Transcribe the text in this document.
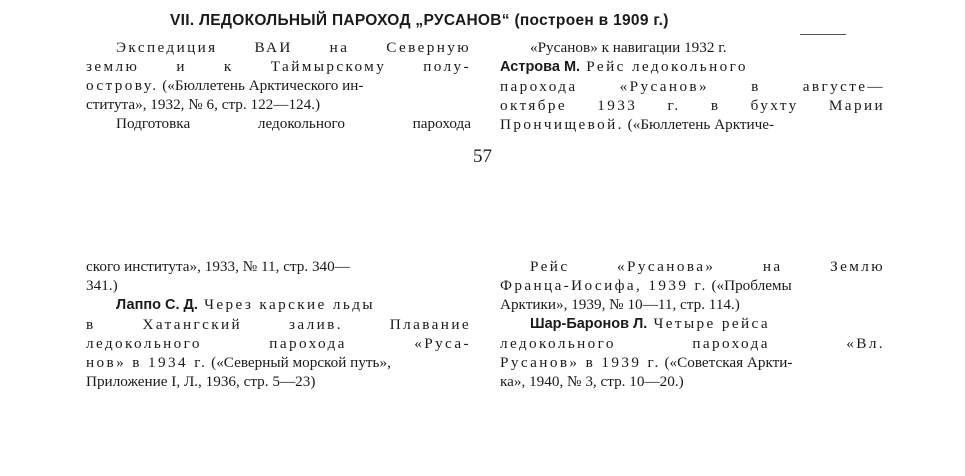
VII. ЛЕДОКОЛЬНЫЙ ПАРОХОД „РУСАНОВ“ (построен в 1909 г.)
Экспедиция ВАИ на Северную
землю и к Таймырскому полу-
острову. («Бюллетень Арктического ин-
ститута», 1932, № 6, стр. 122—124.)
Подготовка ледокольного парохода
«Русанов» к навигации 1932 г.
Астрова М. Рейс ледокольного
парохода «Русанов» в августе—
октябре 1933 г. в бухту Марии
Прончищевой. («Бюллетень Арктиче-
57
ского института», 1933, № 11, стр. 340—
341.)
Лаппо С. Д. Через карские льды
в Хатангский залив. Плавание
ледокольного парохода «Руса-
нов» в 1934 г. («Северный морской путь»,
Приложение I, Л., 1936, стр. 5—23)
Рейс «Русанова» на Землю
Франца-Иосифа, 1939 г. («Проблемы
Арктики», 1939, № 10—11, стр. 114.)
Шар-Баронов Л. Четыре рейса
ледокольного парохода «Вл.
Русанов» в 1939 г. («Советская Аркти-
ка», 1940, № 3, стр. 10—20.)
